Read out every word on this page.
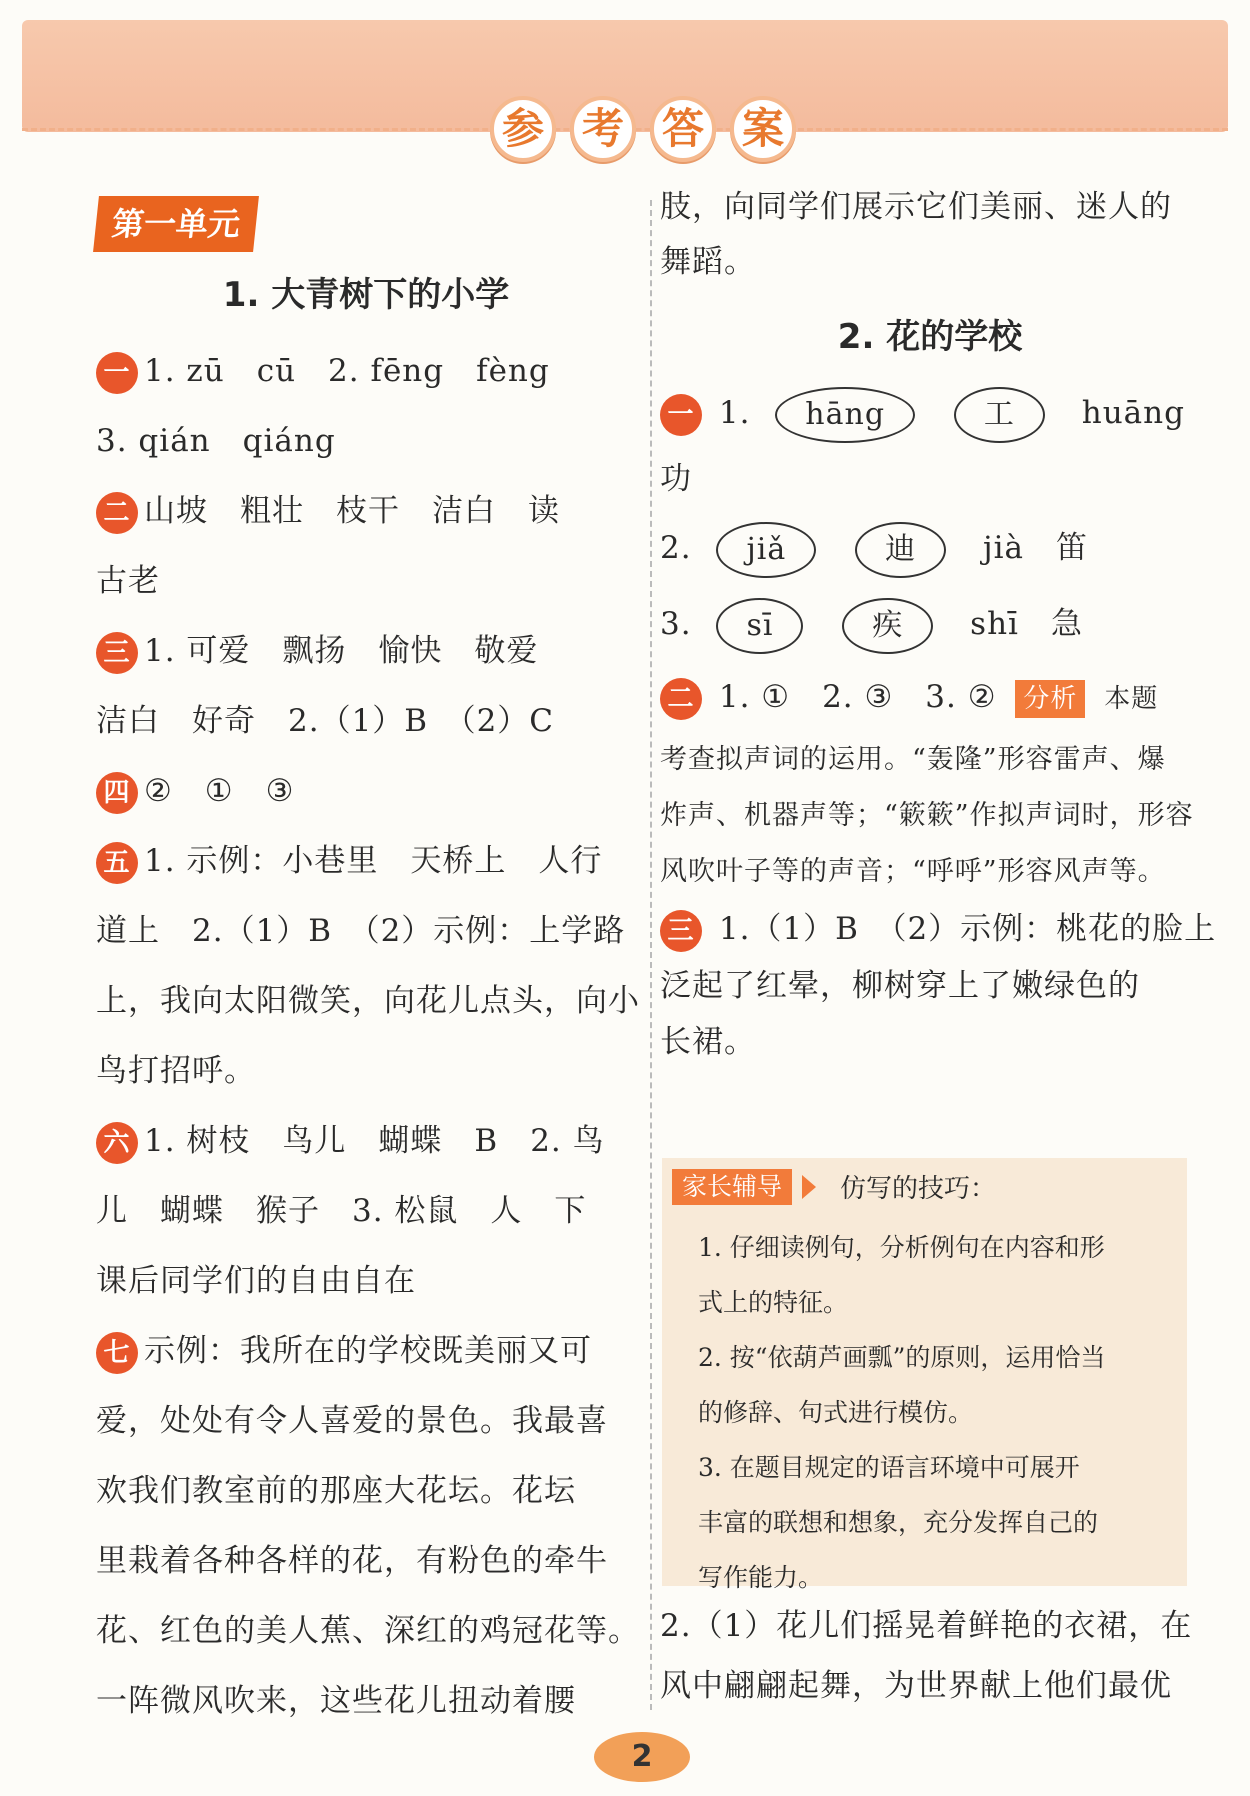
参 考 答 案
第一单元
1. 大青树下的小学
一 1. zū　cū　2. fēng　fèng
3. qián　qiáng
二 山坡　粗壮　枝干　洁白　读
古老
三 1. 可爱　飘扬　愉快　敬爱
洁白　好奇　2.（1）B　（2）C
四 ②　①　③
五 1. 示例：小巷里　天桥上　人行
道上　2.（1）B　（2）示例：上学路
上，我向太阳微笑，向花儿点头，向小
鸟打招呼。
六 1. 树枝　鸟儿　蝴蝶　B　2. 鸟
儿　蝴蝶　猴子　3. 松鼠　人　下
课后同学们的自由自在
七 示例：我所在的学校既美丽又可
爱，处处有令人喜爱的景色。我最喜
欢我们教室前的那座大花坛。花坛
里栽着各种各样的花，有粉色的牵牛
花、红色的美人蕉、深红的鸡冠花等。
一阵微风吹来，这些花儿扭动着腰
肢，向同学们展示它们美丽、迷人的
舞蹈。
2. 花的学校
一 1. hāng	工 huāng
功
2. jiǎ	迪 jià　笛
3. sī	疾 shī　急
二 1. ①　2. ③　3. ② 分析 本题
考查拟声词的运用。“轰隆”形容雷声、爆
炸声、机器声等；“簌簌”作拟声词时，形容
风吹叶子等的声音；“呼呼”形容风声等。
三 1.（1）B　（2）示例：桃花的脸上
泛起了红晕，柳树穿上了嫩绿色的
长裙。
家长辅导	仿写的技巧：
1. 仔细读例句，分析例句在内容和形
式上的特征。
2. 按“依葫芦画瓢”的原则，运用恰当
的修辞、句式进行模仿。
3. 在题目规定的语言环境中可展开
丰富的联想和想象，充分发挥自己的
写作能力。
2.（1）花儿们摇晃着鲜艳的衣裙，在
风中翩翩起舞，为世界献上他们最优
2
